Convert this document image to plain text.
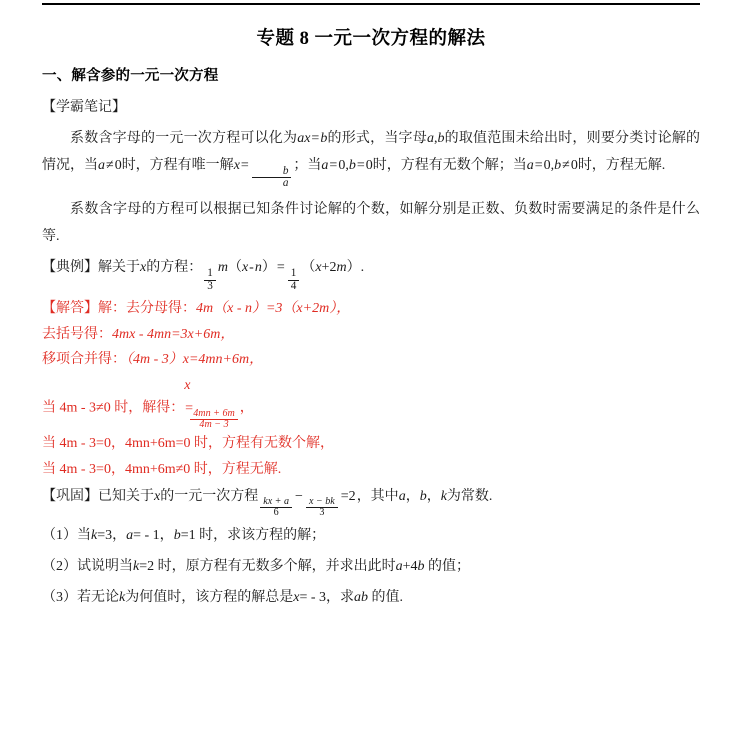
专题 8 一元一次方程的解法
一、解含参的一元一次方程
【学霸笔记】

系数含字母的一元一次方程可以化为ax=b的形式，当字母a,b的取值范围未给出时，则要分类讨论解的情况，当a≠0时，方程有唯一解x=
$\frac{b}{a}$
；当a=0,b=0时，方程有无数个解；当a=0,b≠0时，方程无解.

系数含字母的方程可以根据已知条件讨论解的个数，如解分别是正数、负数时需要满足的条件是什么等.

【典例】解关于x的方程：
$\frac{1}{3}$
m（x-n）=
$\frac{1}{4}$
（x+2m）.

【解答】解：去分母得：4m（x - n）=3（x+2m），

去括号得：4mx - 4mn=3x+6m，

移项合并得：（4m - 3）x=4mn+6m，

当 4m - 3≠0 时，解得：x =
$\frac{4mn + 6m}{4m - 3}$
，

当 4m - 3=0，4mn+6m=0 时，方程有无数个解，

当 4m - 3=0，4mn+6m≠0 时，方程无解.

【巩固】已知关于x的一元一次方程
$\frac{kx + a}{6}$
−
$\frac{x - bk}{3}$
=2，其中a，b，k为常数.

（1）当k=3，a= - 1，b=1 时，求该方程的解；

（2）试说明当k=2 时，原方程有无数多个解，并求出此时a+4b 的值；

（3）若无论k为何值时，该方程的解总是x= - 3，求ab 的值.
